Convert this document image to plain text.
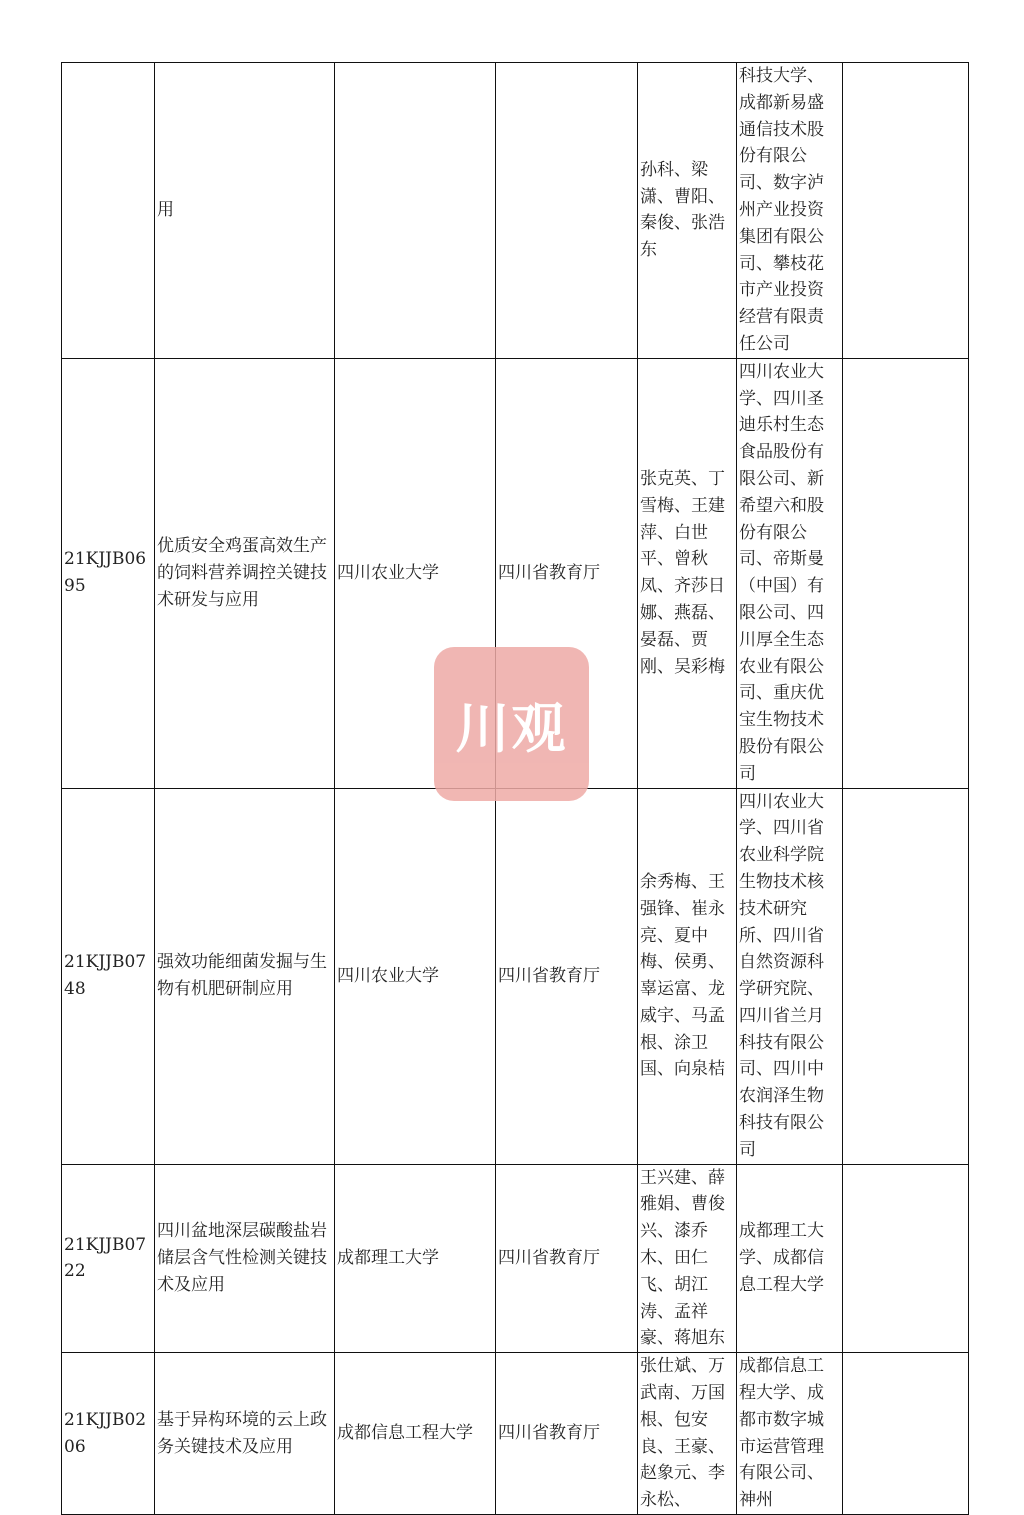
	用			孙科、梁潇、曹阳、秦俊、张浩东	科技大学、成都新易盛通信技术股份有限公司、数字泸州产业投资集团有限公司、攀枝花市产业投资经营有限责任公司	
21KJJB0695	优质安全鸡蛋高效生产的饲料营养调控关键技术研发与应用	四川农业大学	四川省教育厅	张克英、丁雪梅、王建萍、白世平、曾秋凤、齐莎日娜、燕磊、晏磊、贾 刚、吴彩梅	四川农业大学、四川圣迪乐村生态食品股份有限公司、新希望六和股份有限公司、帝斯曼（中国）有限公司、四川厚全生态农业有限公司、重庆优宝生物技术股份有限公司	
21KJJB0748	强效功能细菌发掘与生物有机肥研制应用	四川农业大学	四川省教育厅	余秀梅、王强锋、崔永亮、夏中梅、侯勇、辜运富、龙威宇、马孟根、涂卫国、向泉桔	四川农业大学、四川省农业科学院生物技术核技术研究所、四川省自然资源科学研究院、四川省兰月科技有限公司、四川中农润泽生物科技有限公司	
21KJJB0722	四川盆地深层碳酸盐岩储层含气性检测关键技术及应用	成都理工大学	四川省教育厅	王兴建、薛雅娟、曹俊兴、漆乔木、田仁飞、胡江涛、孟祥豪、蒋旭东	成都理工大学、成都信息工程大学	
21KJJB0206	基于异构环境的云上政务关键技术及应用	成都信息工程大学	四川省教育厅	张仕斌、万武南、万国根、包安良、王豪、赵象元、李永松、	成都信息工程大学、成都市数字城市运营管理有限公司、神州	
川观
